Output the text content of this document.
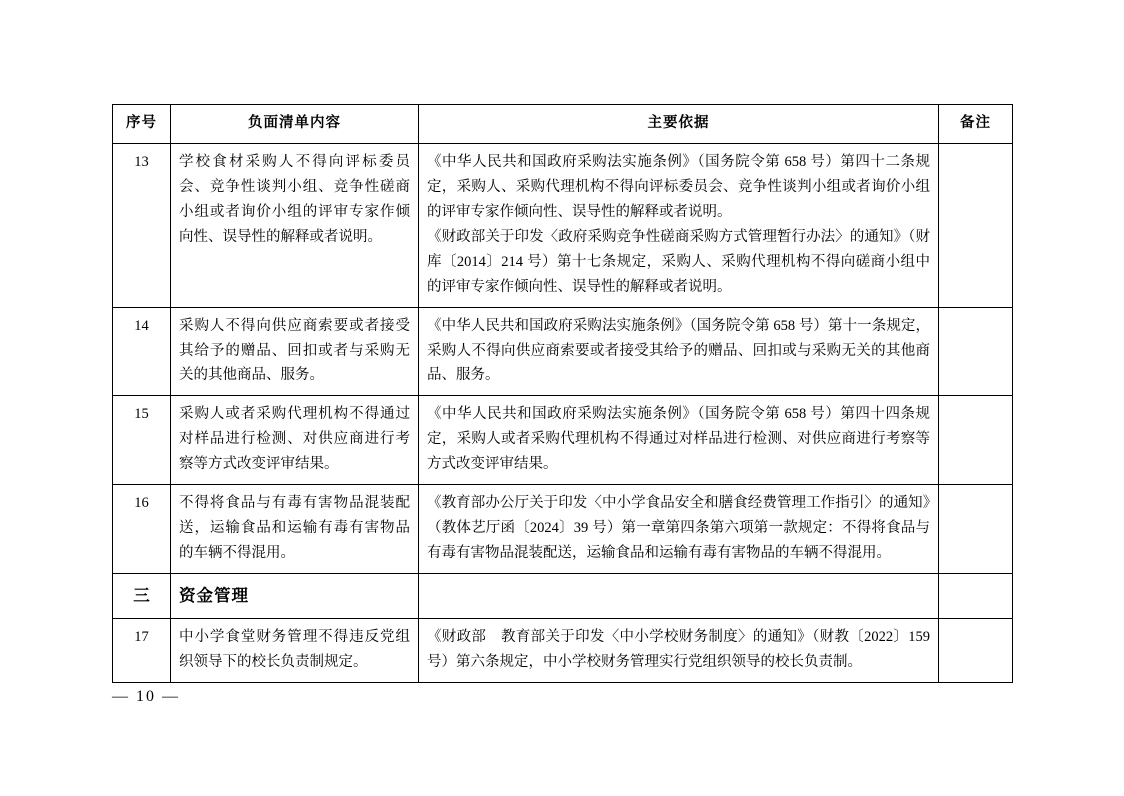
序号	负面清单内容	主要依据	备注
13	学校食材采购人不得向评标委员会、竞争性谈判小组、竞争性磋商小组或者询价小组的评审专家作倾向性、误导性的解释或者说明。	《中华人民共和国政府采购法实施条例》（国务院令第 658 号）第四十二条规定，采购人、采购代理机构不得向评标委员会、竞争性谈判小组或者询价小组的评审专家作倾向性、误导性的解释或者说明。
《财政部关于印发〈政府采购竞争性磋商采购方式管理暂行办法〉的通知》（财库〔2014〕214 号）第十七条规定，采购人、采购代理机构不得向磋商小组中的评审专家作倾向性、误导性的解释或者说明。	

14	采购人不得向供应商索要或者接受其给予的赠品、回扣或者与采购无关的其他商品、服务。	《中华人民共和国政府采购法实施条例》（国务院令第 658 号）第十一条规定，采购人不得向供应商索要或者接受其给予的赠品、回扣或与采购无关的其他商品、服务。	
15	采购人或者采购代理机构不得通过对样品进行检测、对供应商进行考察等方式改变评审结果。	《中华人民共和国政府采购法实施条例》（国务院令第 658 号）第四十四条规定，采购人或者采购代理机构不得通过对样品进行检测、对供应商进行考察等方式改变评审结果。	
16	不得将食品与有毒有害物品混装配送，运输食品和运输有毒有害物品的车辆不得混用。	《教育部办公厅关于印发〈中小学食品安全和膳食经费管理工作指引〉的通知》（教体艺厅函〔2024〕39 号）第一章第四条第六项第一款规定：不得将食品与有毒有害物品混装配送，运输食品和运输有毒有害物品的车辆不得混用。	
三	资金管理		
17	中小学食堂财务管理不得违反党组织领导下的校长负责制规定。	《财政部　教育部关于印发〈中小学校财务制度〉的通知》（财教〔2022〕159 号）第六条规定，中小学校财务管理实行党组织领导的校长负责制。	
— 10 —
